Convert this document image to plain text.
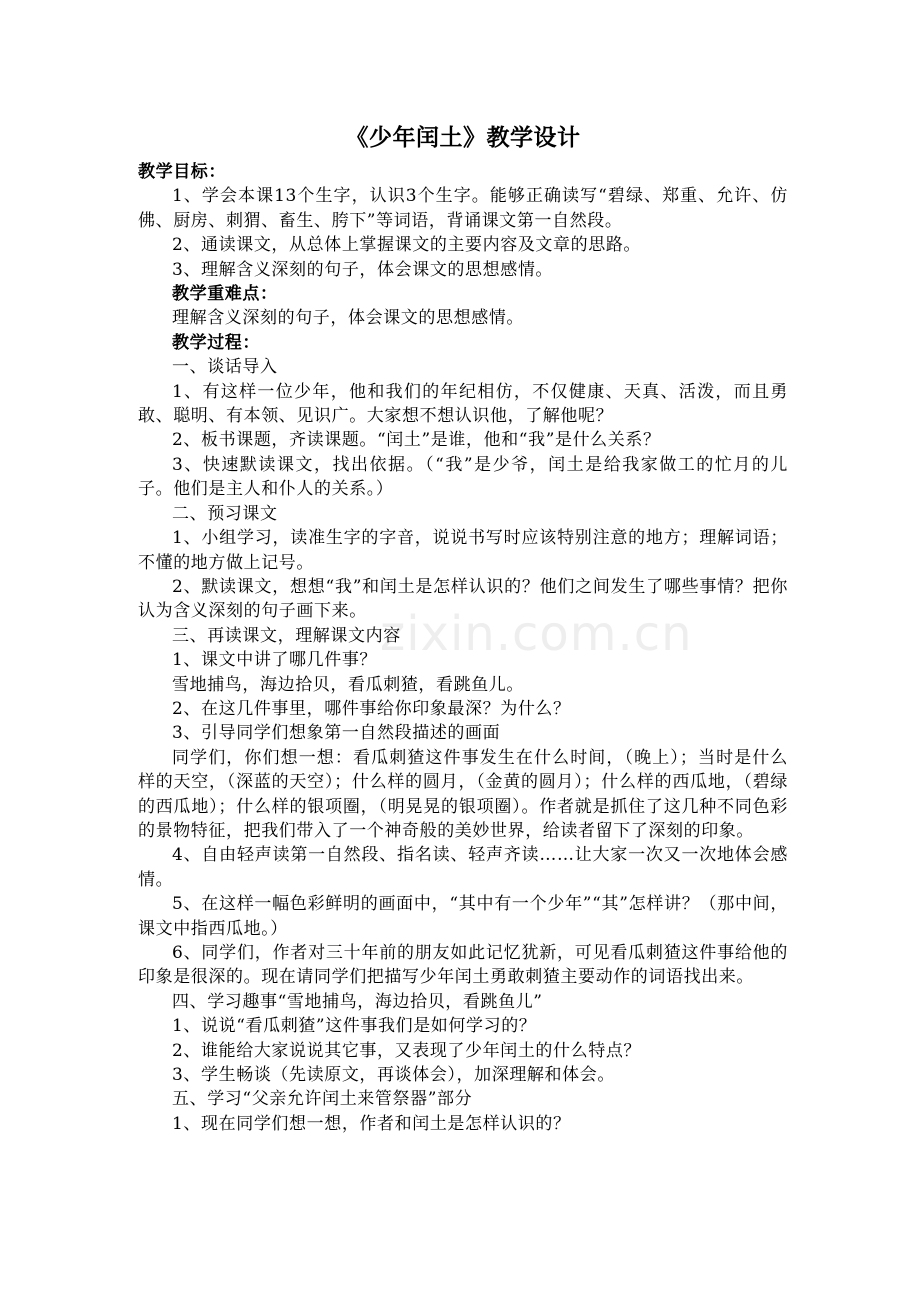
zixin.com.cn
《少年闰土》教学设计

教学目标：

1、学会本课13个生字，认识3个生字。能够正确读写“碧绿、郑重、允许、仿佛、厨房、刺猬、畜生、胯下”等词语，背诵课文第一自然段。

2、通读课文，从总体上掌握课文的主要内容及文章的思路。

3、理解含义深刻的句子，体会课文的思想感情。

教学重难点：

理解含义深刻的句子，体会课文的思想感情。

教学过程：

一、谈话导入

1、有这样一位少年，他和我们的年纪相仿，不仅健康、天真、活泼，而且勇敢、聪明、有本领、见识广。大家想不想认识他，了解他呢？

2、板书课题，齐读课题。“闰土”是谁，他和“我”是什么关系？

3、快速默读课文，找出依据。（“我”是少爷，闰土是给我家做工的忙月的儿子。他们是主人和仆人的关系。）

二、预习课文

1、小组学习，读准生字的字音，说说书写时应该特别注意的地方；理解词语；不懂的地方做上记号。

2、默读课文，想想“我”和闰土是怎样认识的？他们之间发生了哪些事情？把你认为含义深刻的句子画下来。

三、再读课文，理解课文内容

1、课文中讲了哪几件事？

雪地捕鸟，海边拾贝，看瓜刺猹，看跳鱼儿。

2、在这几件事里，哪件事给你印象最深？为什么？

3、引导同学们想象第一自然段描述的画面

同学们，你们想一想：看瓜刺猹这件事发生在什么时间，（晚上）；当时是什么样的天空，（深蓝的天空）；什么样的圆月，（金黄的圆月）；什么样的西瓜地，（碧绿的西瓜地）；什么样的银项圈，（明晃晃的银项圈）。作者就是抓住了这几种不同色彩的景物特征，把我们带入了一个神奇般的美妙世界，给读者留下了深刻的印象。

4、自由轻声读第一自然段、指名读、轻声齐读……让大家一次又一次地体会感情。

5、在这样一幅色彩鲜明的画面中，“其中有一个少年”“其”怎样讲？（那中间，课文中指西瓜地。）

6、同学们，作者对三十年前的朋友如此记忆犹新，可见看瓜刺猹这件事给他的印象是很深的。现在请同学们把描写少年闰土勇敢刺猹主要动作的词语找出来。

四、学习趣事“雪地捕鸟，海边拾贝，看跳鱼儿”

1、说说“看瓜刺猹”这件事我们是如何学习的？

2、谁能给大家说说其它事，又表现了少年闰土的什么特点？

3、学生畅谈（先读原文，再谈体会），加深理解和体会。

五、学习“父亲允许闰土来管祭器”部分

1、现在同学们想一想，作者和闰土是怎样认识的？
